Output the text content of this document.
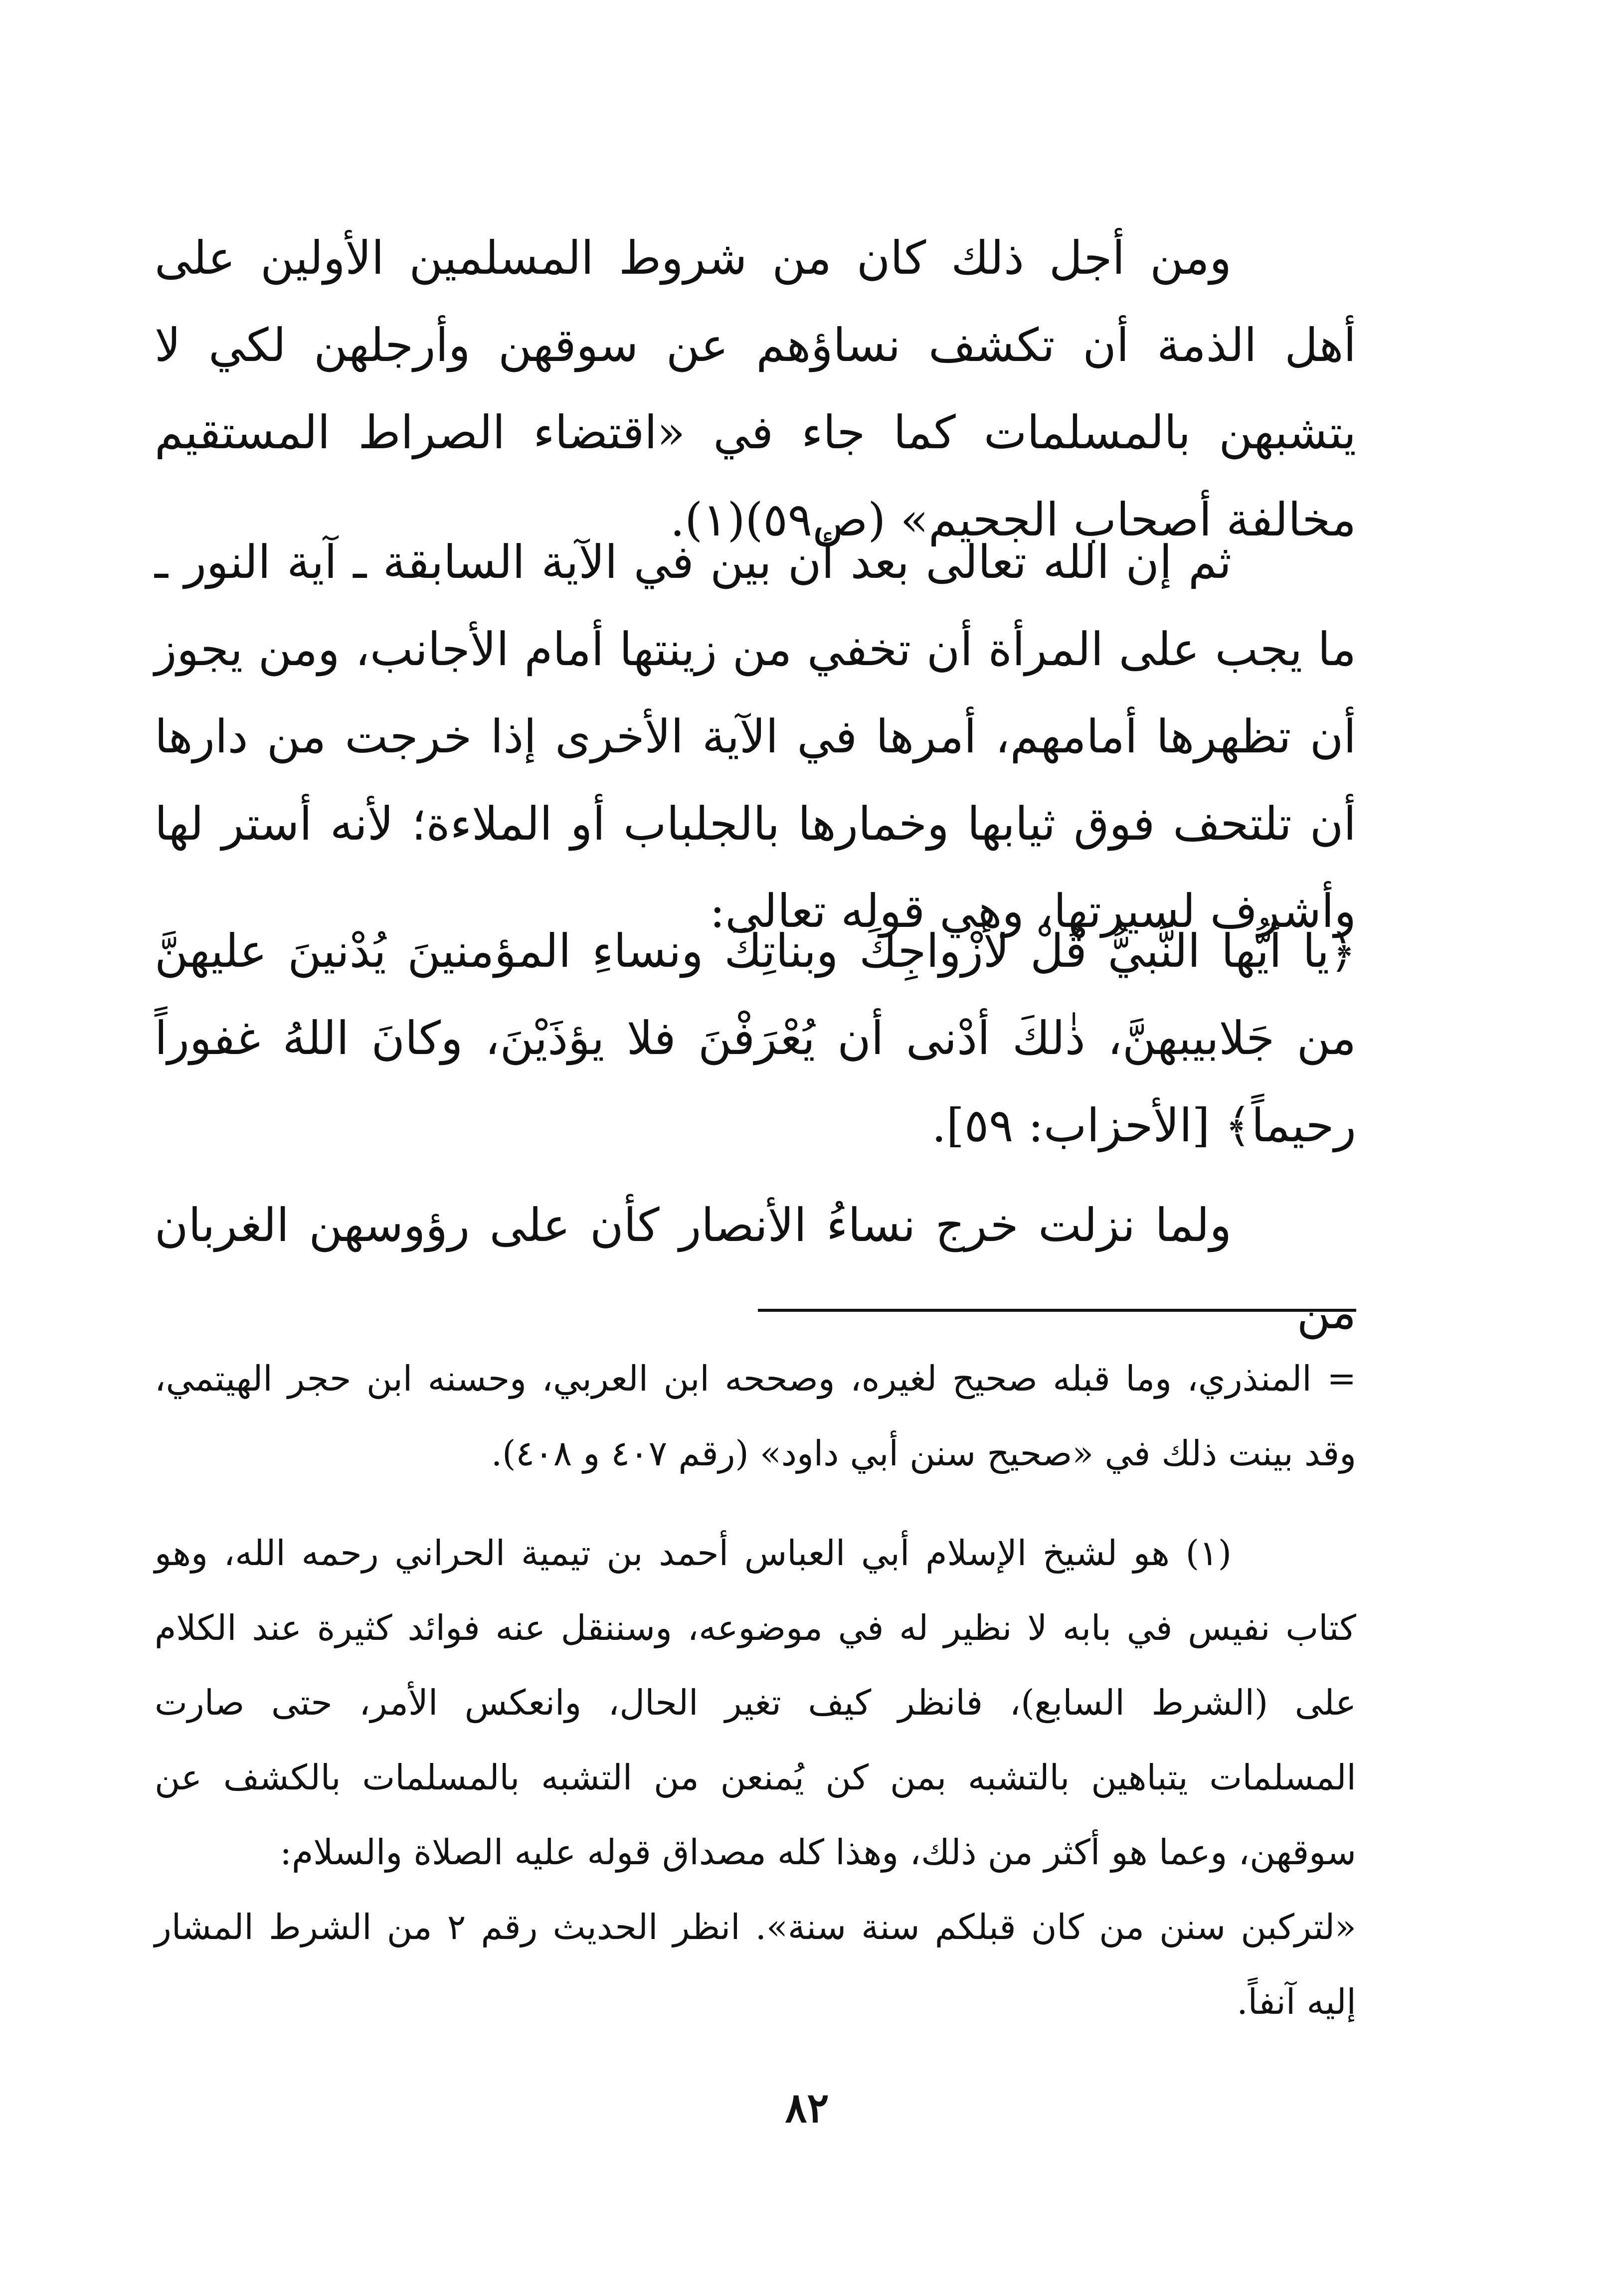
ومن أجل ذلك كان من شروط المسلمين الأولين على أهل الذمة أن تكشف نساؤهم عن سوقهن وأرجلهن لكي لا يتشبهن بالمسلمات كما جاء في «اقتضاء الصراط المستقيم مخالفة أصحاب الجحيم» (ص٥٩)(١).

ثم إن الله تعالى بعد أن بين في الآية السابقة ـ آية النور ـ ما يجب على المرأة أن تخفي من زينتها أمام الأجانب، ومن يجوز أن تظهرها أمامهم، أمرها في الآية الأخرى إذا خرجت من دارها أن تلتحف فوق ثيابها وخمارها بالجلباب أو الملاءة؛ لأنه أستر لها وأشرف لسيرتها، وهي قوله تعالى:

﴿يا أيُّها النَّبيُّ قُلْ لأزْواجِكَ وبناتِكَ ونساءِ المؤمنينَ يُدْنينَ عليهنَّ من جَلابيبهنَّ، ذٰلكَ أدْنى أن يُعْرَفْنَ فلا يؤذَيْنَ، وكانَ اللهُ غفوراً رحيماً﴾ [الأحزاب: ٥٩].

ولما نزلت خرج نساءُ الأنصار كأن على رؤوسهن الغربان من

= المنذري، وما قبله صحيح لغيره، وصححه ابن العربي، وحسنه ابن حجر الهيتمي، وقد بينت ذلك في «صحيح سنن أبي داود» (رقم ٤٠٧ و ٤٠٨).

(١) هو لشيخ الإسلام أبي العباس أحمد بن تيمية الحراني رحمه الله، وهو كتاب نفيس في بابه لا نظير له في موضوعه، وسننقل عنه فوائد كثيرة عند الكلام على (الشرط السابع)، فانظر كيف تغير الحال، وانعكس الأمر، حتى صارت المسلمات يتباهين بالتشبه بمن كن يُمنعن من التشبه بالمسلمات بالكشف عن سوقهن، وعما هو أكثر من ذلك، وهذا كله مصداق قوله عليه الصلاة والسلام:

«لتركبن سنن من كان قبلكم سنة سنة». انظر الحديث رقم ٢ من الشرط المشار إليه آنفاً.

٨٢
